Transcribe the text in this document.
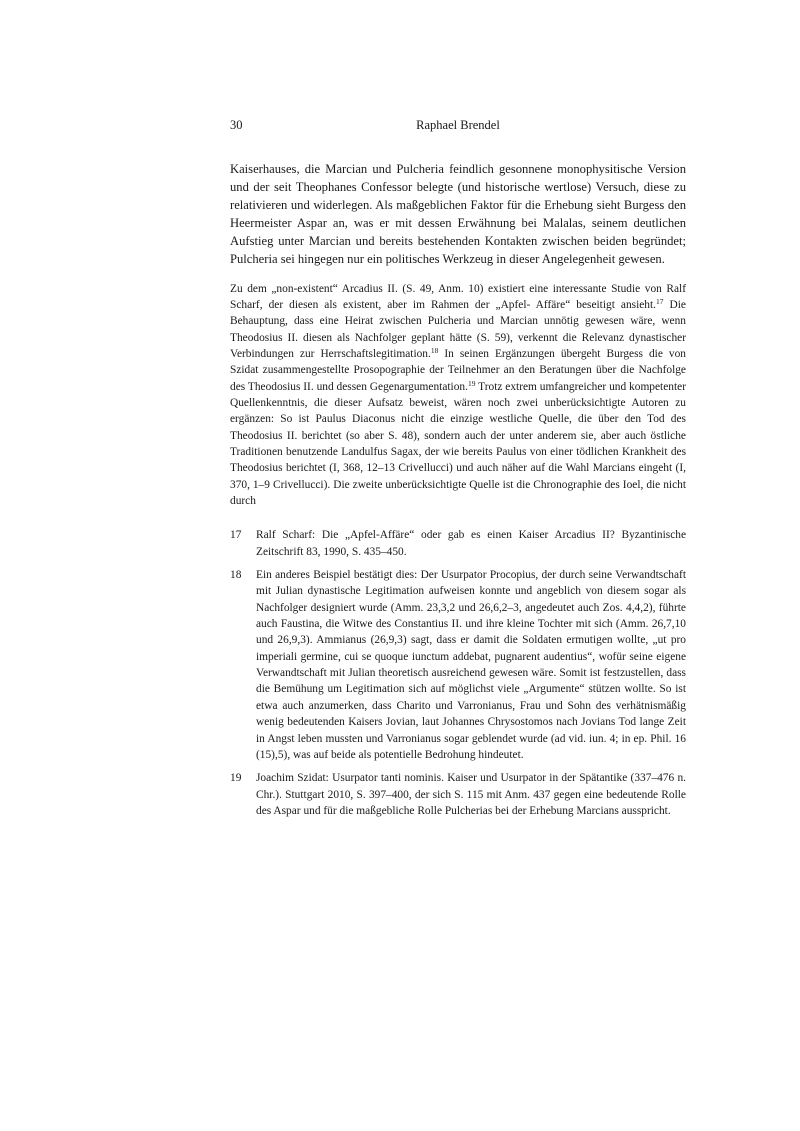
30	Raphael Brendel

Kaiserhauses, die Marcian und Pulcheria feindlich gesonnene monophysitische Version und der seit Theophanes Confessor belegte (und historische wertlose) Versuch, diese zu relativieren und widerlegen. Als maßgeblichen Faktor für die Erhebung sieht Burgess den Heermeister Aspar an, was er mit dessen Erwähnung bei Malalas, seinem deutlichen Aufstieg unter Marcian und bereits bestehenden Kontakten zwischen beiden begründet; Pulcheria sei hingegen nur ein politisches Werkzeug in dieser Angelegenheit gewesen.

Zu dem „non-existent“ Arcadius II. (S. 49, Anm. 10) existiert eine interessante Studie von Ralf Scharf, der diesen als existent, aber im Rahmen der „Apfel- Affäre“ beseitigt ansieht.$^{17}$ Die Behauptung, dass eine Heirat zwischen Pulcheria und Marcian unnötig gewesen wäre, wenn Theodosius II. diesen als Nachfolger geplant hätte (S. 59), verkennt die Relevanz dynastischer Verbindungen zur Herrschaftslegitimation.$^{18}$ In seinen Ergänzungen übergeht Burgess die von Szidat zusammengestellte Prosopographie der Teilnehmer an den Beratungen über die Nachfolge des Theodosius II. und dessen Gegenargumentation.$^{19}$ Trotz extrem umfangreicher und kompetenter Quellenkenntnis, die dieser Aufsatz beweist, wären noch zwei unberücksichtigte Autoren zu ergänzen: So ist Paulus Diaconus nicht die einzige westliche Quelle, die über den Tod des Theodosius II. berichtet (so aber S. 48), sondern auch der unter anderem sie, aber auch östliche Traditionen benutzende Landulfus Sagax, der wie bereits Paulus von einer tödlichen Krankheit des Theodosius berichtet (I, 368, 12–13 Crivellucci) und auch näher auf die Wahl Marcians eingeht (I, 370, 1–9 Crivellucci). Die zweite unberücksichtigte Quelle ist die Chronographie des Ioel, die nicht durch

17	Ralf Scharf: Die „Apfel-Affäre“ oder gab es einen Kaiser Arcadius II? Byzantinische Zeitschrift 83, 1990, S. 435–450.
18	Ein anderes Beispiel bestätigt dies: Der Usurpator Procopius, der durch seine Verwandtschaft mit Julian dynastische Legitimation aufweisen konnte und angeblich von diesem sogar als Nachfolger designiert wurde (Amm. 23,3,2 und 26,6,2–3, angedeutet auch Zos. 4,4,2), führte auch Faustina, die Witwe des Constantius II. und ihre kleine Tochter mit sich (Amm. 26,7,10 und 26,9,3). Ammianus (26,9,3) sagt, dass er damit die Soldaten ermutigen wollte, „ut pro imperiali germine, cui se quoque iunctum addebat, pugnarent audentius“, wofür seine eigene Verwandtschaft mit Julian theoretisch ausreichend gewesen wäre. Somit ist festzustellen, dass die Bemühung um Legitimation sich auf möglichst viele „Argumente“ stützen wollte. So ist etwa auch anzumerken, dass Charito und Varronianus, Frau und Sohn des verhätnismäßig wenig bedeutenden Kaisers Jovian, laut Johannes Chrysostomos nach Jovians Tod lange Zeit in Angst leben mussten und Varronianus sogar geblendet wurde (ad vid. iun. 4; in ep. Phil. 16 (15),5), was auf beide als potentielle Bedrohung hindeutet.
19	Joachim Szidat: Usurpator tanti nominis. Kaiser und Usurpator in der Spätantike (337–476 n. Chr.). Stuttgart 2010, S. 397–400, der sich S. 115 mit Anm. 437 gegen eine bedeutende Rolle des Aspar und für die maßgebliche Rolle Pulcherias bei der Erhebung Marcians ausspricht.
